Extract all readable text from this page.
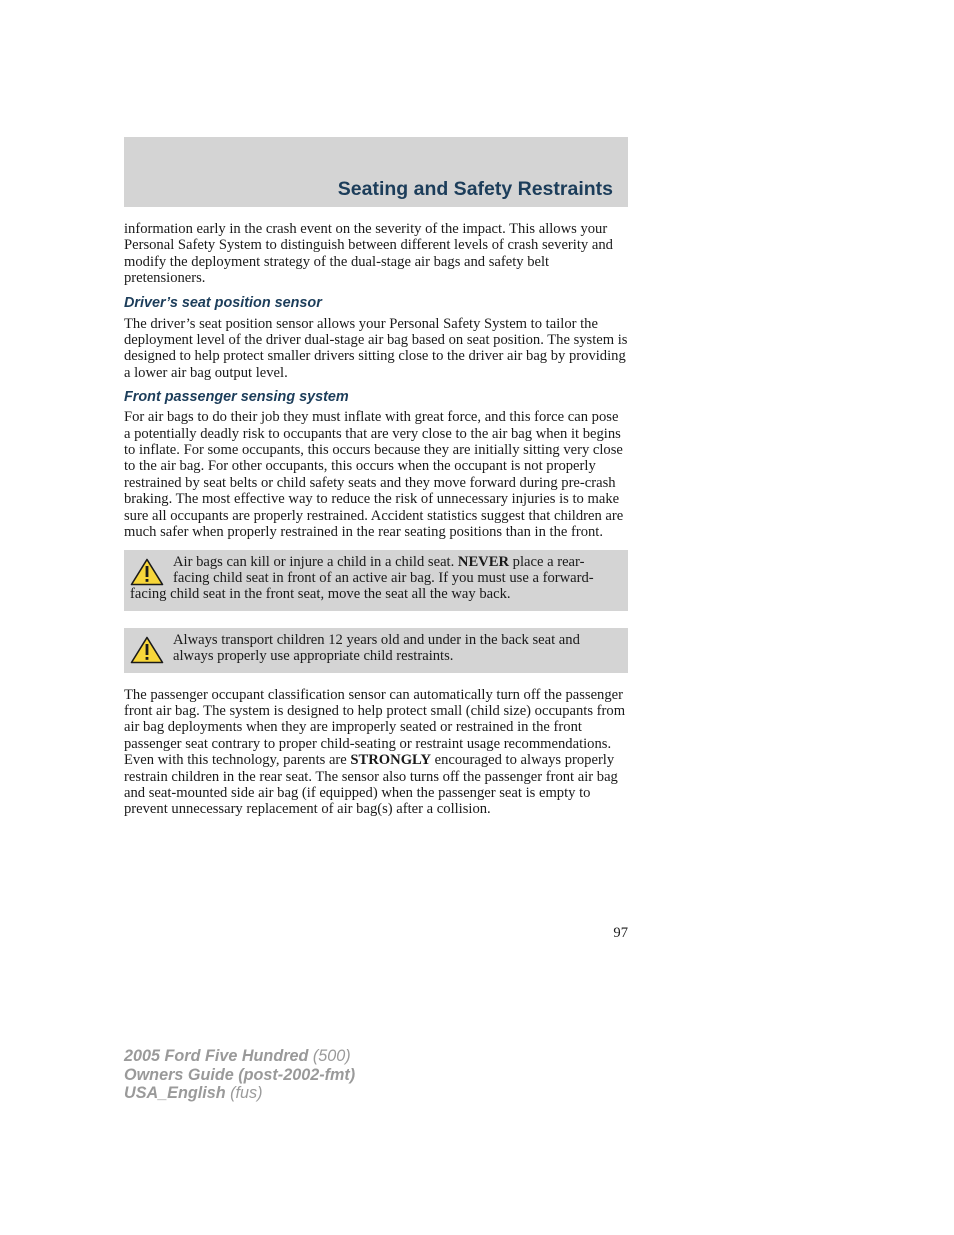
Seating and Safety Restraints

information early in the crash event on the severity of the impact. This allows your Personal Safety System to distinguish between different levels of crash severity and modify the deployment strategy of the dual-stage air bags and safety belt pretensioners.

Driver’s seat position sensor

The driver’s seat position sensor allows your Personal Safety System to tailor the deployment level of the driver dual-stage air bag based on seat position. The system is designed to help protect smaller drivers sitting close to the driver air bag by providing a lower air bag output level.

Front passenger sensing system

For air bags to do their job they must inflate with great force, and this force can pose a potentially deadly risk to occupants that are very close to the air bag when it begins to inflate. For some occupants, this occurs because they are initially sitting very close to the air bag. For other occupants, this occurs when the occupant is not properly restrained by seat belts or child safety seats and they move forward during pre-crash braking. The most effective way to reduce the risk of unnecessary injuries is to make sure all occupants are properly restrained. Accident statistics suggest that children are much safer when properly restrained in the rear seating positions than in the front.

Air bags can kill or injure a child in a child seat. NEVER place a rear-facing child seat in front of an active air bag. If you must use a forward-facing child seat in the front seat, move the seat all the way back.

Always transport children 12 years old and under in the back seat and always properly use appropriate child restraints.

The passenger occupant classification sensor can automatically turn off the passenger front air bag. The system is designed to help protect small (child size) occupants from air bag deployments when they are improperly seated or restrained in the front passenger seat contrary to proper child-seating or restraint usage recommendations. Even with this technology, parents are STRONGLY encouraged to always properly restrain children in the rear seat. The sensor also turns off the passenger front air bag and seat-mounted side air bag (if equipped) when the passenger seat is empty to prevent unnecessary replacement of air bag(s) after a collision.

97
2005 Ford Five Hundred (500)
Owners Guide (post-2002-fmt)
USA_English (fus)
